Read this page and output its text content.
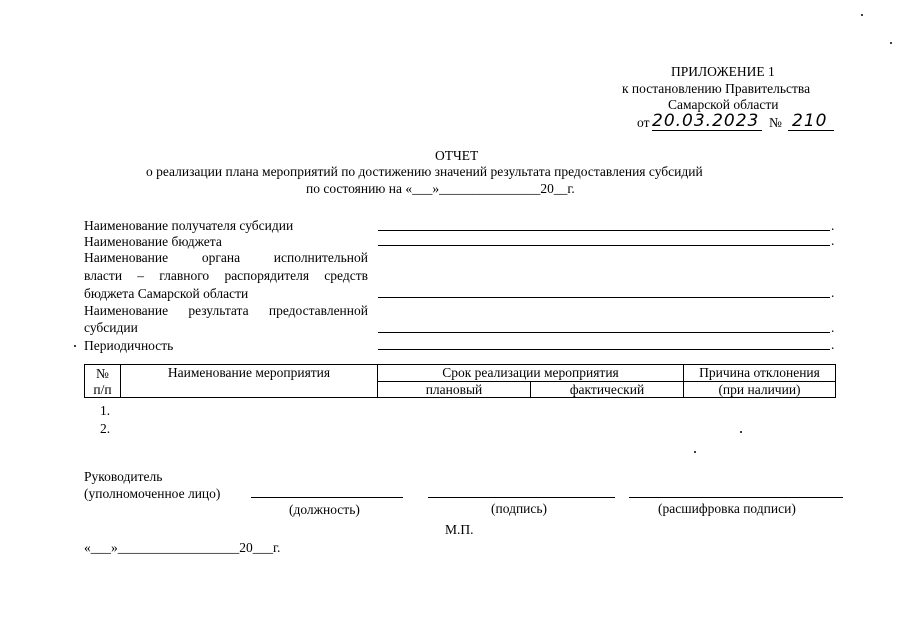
ПРИЛОЖЕНИЕ 1
к постановлению Правительства
Самарской области
от 20.03.2023 № 210
ОТЧЕТ
о реализации плана мероприятий по достижению значений результата предоставления субсидий
по состоянию на «___»_______________20__г.
Наименование получателя субсидии	.
Наименование бюджета	.
Наименование органа исполнительной
власти – главного распорядителя средств
бюджета Самарской области	.
Наименование результата предоставленной
субсидии	.
Периодичность	.
№	Наименование мероприятия	Срок реализации мероприятия		Причина отклонения
п/п		плановый	фактический	(при наличии)
1.
2.
Руководитель
(уполномоченное лицо)
(должность)	(подпись)	(расшифровка подписи)
М.П.
«___»__________________20___г.
